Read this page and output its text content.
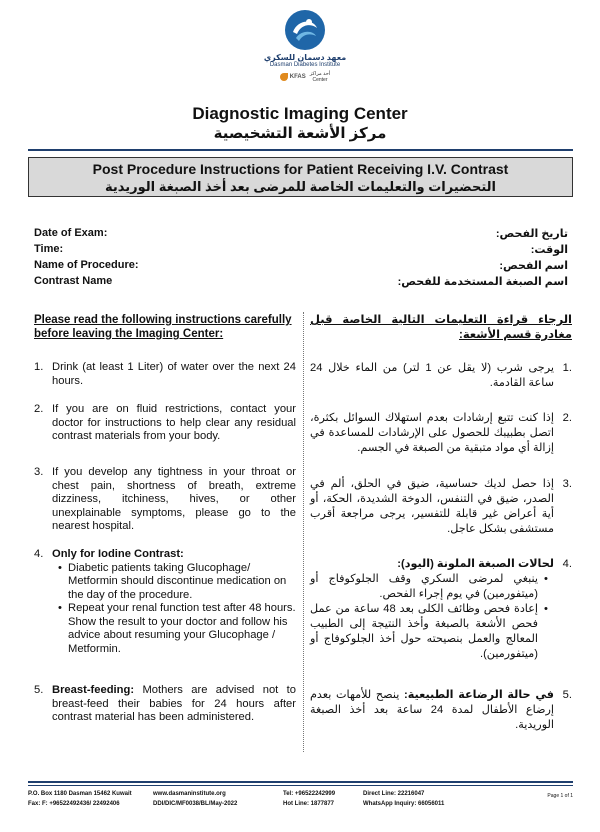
معهد دسمان للسكري
Dasman Diabetes Institute
KFAS أحد مراكز
Center
Diagnostic Imaging Center
مركز الأشعة التشخيصية
Post Procedure Instructions for Patient Receiving I.V. Contrast
التحضيرات والتعليمات الخاصة للمرضى بعد أخذ الصبغة الوريدية
Date of Exam:
Time:
Name of Procedure:
Contrast Name
تاريخ الفحص:
الوقت:
اسم الفحص:
اسم الصبغة المستخدمة للفحص:
Please read the following instructions carefully before leaving the Imaging Center:
1. Drink (at least 1 Liter) of water over the next 24 hours.
2. If you are on fluid restrictions, contact your doctor for instructions to help clear any residual contrast materials from your body.
3. If you develop any tightness in your throat or chest pain, shortness of breath, extreme dizziness, itchiness, hives, or other unexplainable symptoms, please go to the nearest hospital.
4. Only for Iodine Contrast:
• Diabetic patients taking Glucophage/ Metformin should discontinue medication on the day of the procedure.
• Repeat your renal function test after 48 hours. Show the result to your doctor and follow his advice about resuming your Glucophage / Metformin.
5. Breast-feeding: Mothers are advised not to breast-feed their babies for 24 hours after contrast material has been administered.
الرجاء قراءة التعليمات التالية الخاصة قبل مغادرة قسم الأشعة:
.1
يرجى شرب (لا يقل عن 1 لتر) من الماء خلال 24 ساعة القادمة.
.2
إذا كنت تتبع إرشادات بعدم استهلاك السوائل بكثرة، اتصل بطبيبك للحصول على الإرشادات للمساعدة في إزالة أي مواد متبقية من الصبغة في الجسم.
.3
إذا حصل لديك حساسية، ضيق في الحلق، ألم في الصدر، ضيق في التنفس، الدوخة الشديدة، الحكة، أو أية أعراض غير قابلة للتفسير، يرجى مراجعة أقرب مستشفى بشكل عاجل.
.4
لحالات الصبغة الملونة (اليود):
•
ينبغي لمرضى السكري وقف الجلوكوفاج أو (ميتفورمين) في يوم إجراء الفحص.
•
إعادة فحص وظائف الكلى بعد 48 ساعة من عمل فحص الأشعة بالصبغة وأخذ النتيجة إلى الطبيب المعالج والعمل بنصيحته حول أخذ الجلوكوفاج أو (ميتفورمين).
.5
في حالة الرضاعة الطبيعية: ينصح للأمهات بعدم إرضاع الأطفال لمدة 24 ساعة بعد أخذ الصبغة الوريدية.
P.O. Box 1180 Dasman 15462 Kuwait	www.dasmaninstitute.org	Tel: +96522242999	Direct Line: 22216047
Fax: F: +96522492436/ 22492406	DDI/DIC/MF0038/BL/May-2022	Hot Line: 1877877	WhatsApp Inquiry: 66056011
Page 1 of 1
